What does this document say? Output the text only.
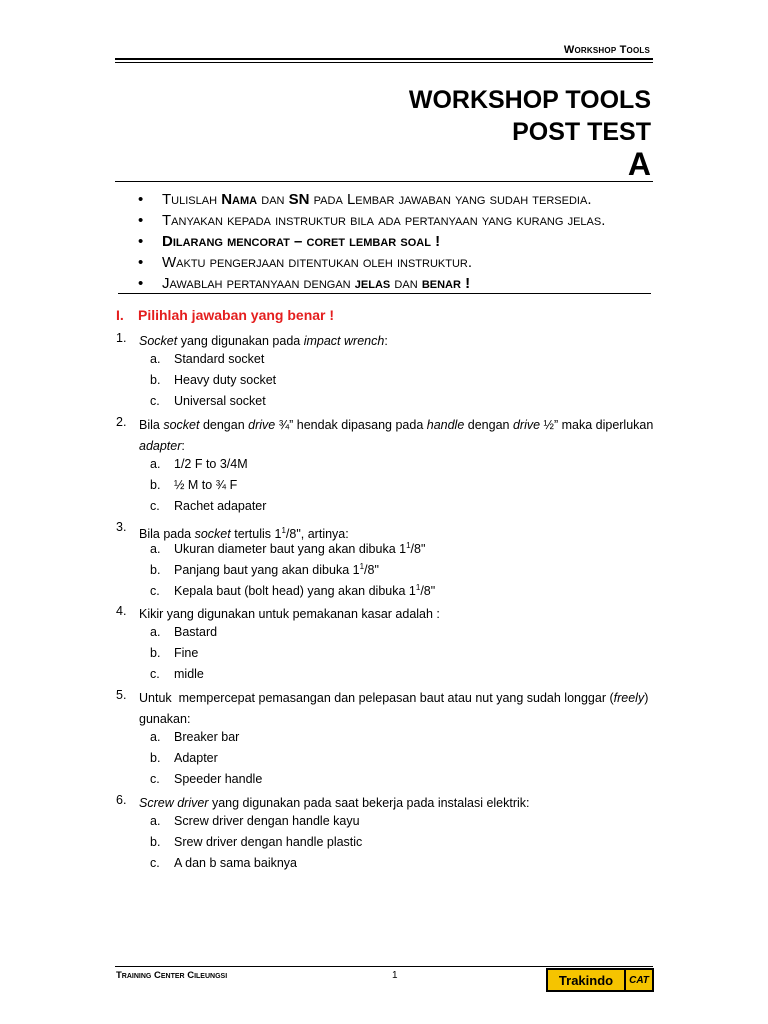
Workshop Tools
WORKSHOP TOOLS
POST TEST
A
• Tulislah Nama dan SN pada Lembar jawaban yang sudah tersedia.
• Tanyakan kepada instruktur bila ada pertanyaan yang kurang jelas.
• Dilarang mencorat – coret lembar soal !
• Waktu pengerjaan ditentukan oleh instruktur.
• Jawablah pertanyaan dengan jelas dan benar !
I. Pilihlah jawaban yang benar !
1. Socket yang digunakan pada impact wrench:
a. Standard socket
b. Heavy duty socket
c. Universal socket
2. Bila socket dengan drive ¾” hendak dipasang pada handle dengan drive ½” maka diperlukan adapter:
a. 1/2 F to 3/4M
b. ½ M to ¾ F
c. Rachet adapater
3.
Bila pada socket tertulis $1^1/8$", artinya:
a. Ukuran diameter baut yang akan dibuka $1^1/8$"
b. Panjang baut yang akan dibuka $1^1/8$"
c. Kepala baut (bolt head) yang akan dibuka $1^1/8$"
4. Kikir yang digunakan untuk pemakanan kasar adalah :
a. Bastard
b. Fine
c. midle
5. Untuk  mempercepat pemasangan dan pelepasan baut atau nut yang sudah longgar (freely) gunakan:
a. Breaker bar
b. Adapter
c. Speeder handle
6. Screw driver yang digunakan pada saat bekerja pada instalasi elektrik:
a. Screw driver dengan handle kayu
b. Srew driver dengan handle plastic
c. A dan b sama baiknya
Training Center Cileungsi	1	Trakindo	CAT
